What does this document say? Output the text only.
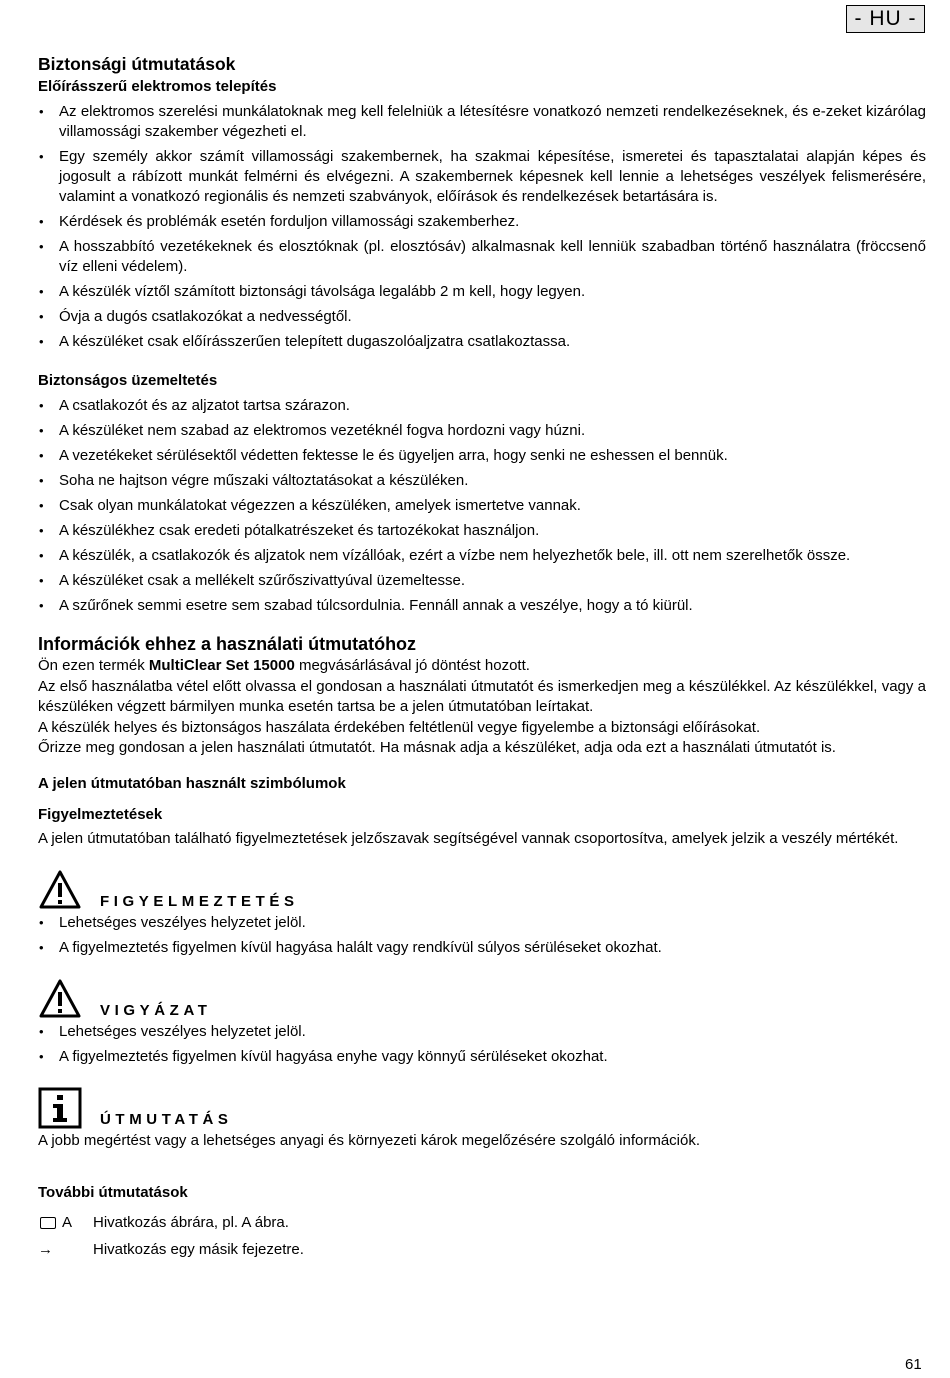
- HU -
Biztonsági útmutatások
Előírásszerű elektromos telepítés
• Az elektromos szerelési munkálatoknak meg kell felelniük a létesítésre vonatkozó nemzeti rendelkezéseknek, és e-zeket kizárólag villamossági szakember végezheti el.
• Egy személy akkor számít villamossági szakembernek, ha szakmai képesítése, ismeretei és tapasztalatai alapján képes és jogosult a rábízott munkát felmérni és elvégezni. A szakembernek képesnek kell lennie a lehetséges veszélyek felismerésére, valamint a vonatkozó regionális és nemzeti szabványok, előírások és rendelkezések betartására is.
• Kérdések és problémák esetén forduljon villamossági szakemberhez.
• A hosszabbító vezetékeknek és elosztóknak (pl. elosztósáv) alkalmasnak kell lenniük szabadban történő használatra (fröccsenő víz elleni védelem).
• A készülék víztől számított biztonsági távolsága legalább 2 m kell, hogy legyen.
• Óvja a dugós csatlakozókat a nedvességtől.
• A készüléket csak előírásszerűen telepített dugaszolóaljzatra csatlakoztassa.
Biztonságos üzemeltetés
• A csatlakozót és az aljzatot tartsa szárazon.
• A készüléket nem szabad az elektromos vezetéknél fogva hordozni vagy húzni.
• A vezetékeket sérülésektől védetten fektesse le és ügyeljen arra, hogy senki ne eshessen el bennük.
• Soha ne hajtson végre műszaki változtatásokat a készüléken.
• Csak olyan munkálatokat végezzen a készüléken, amelyek ismertetve vannak.
• A készülékhez csak eredeti pótalkatrészeket és tartozékokat használjon.
• A készülék, a csatlakozók és aljzatok nem vízállóak, ezért a vízbe nem helyezhetők bele, ill. ott nem szerelhetők össze.
• A készüléket csak a mellékelt szűrőszivattyúval üzemeltesse.
• A szűrőnek semmi esetre sem szabad túlcsordulnia. Fennáll annak a veszélye, hogy a tó kiürül.
Információk ehhez a használati útmutatóhoz

Ön ezen termék MultiClear Set 15000 megvásárlásával jó döntést hozott.

Az első használatba vétel előtt olvassa el gondosan a használati útmutatót és ismerkedjen meg a készülékkel. Az készülékkel, vagy a készüléken végzett bármilyen munka esetén tartsa be a jelen útmutatóban leírtakat.

A készülék helyes és biztonságos haszálata érdekében feltétlenül vegye figyelembe a biztonsági előírásokat.

Őrizze meg gondosan a jelen használati útmutatót. Ha másnak adja a készüléket, adja oda ezt a használati útmutatót is.

A jelen útmutatóban használt szimbólumok
Figyelmeztetések

A jelen útmutatóban található figyelmeztetések jelzőszavak segítségével vannak csoportosítva, amelyek jelzik a veszély mértékét.

FIGYELMEZTETÉS
• Lehetséges veszélyes helyzetet jelöl.
• A figyelmeztetés figyelmen kívül hagyása halált vagy rendkívül súlyos sérüléseket okozhat.
VIGYÁZAT
• Lehetséges veszélyes helyzetet jelöl.
• A figyelmeztetés figyelmen kívül hagyása enyhe vagy könnyű sérüléseket okozhat.
ÚTMUTATÁS

A jobb megértést vagy a lehetséges anyagi és környezeti károk megelőzésére szolgáló információk.

További útmutatások
A Hivatkozás ábrára, pl. A ábra.
→	Hivatkozás egy másik fejezetre.
61
